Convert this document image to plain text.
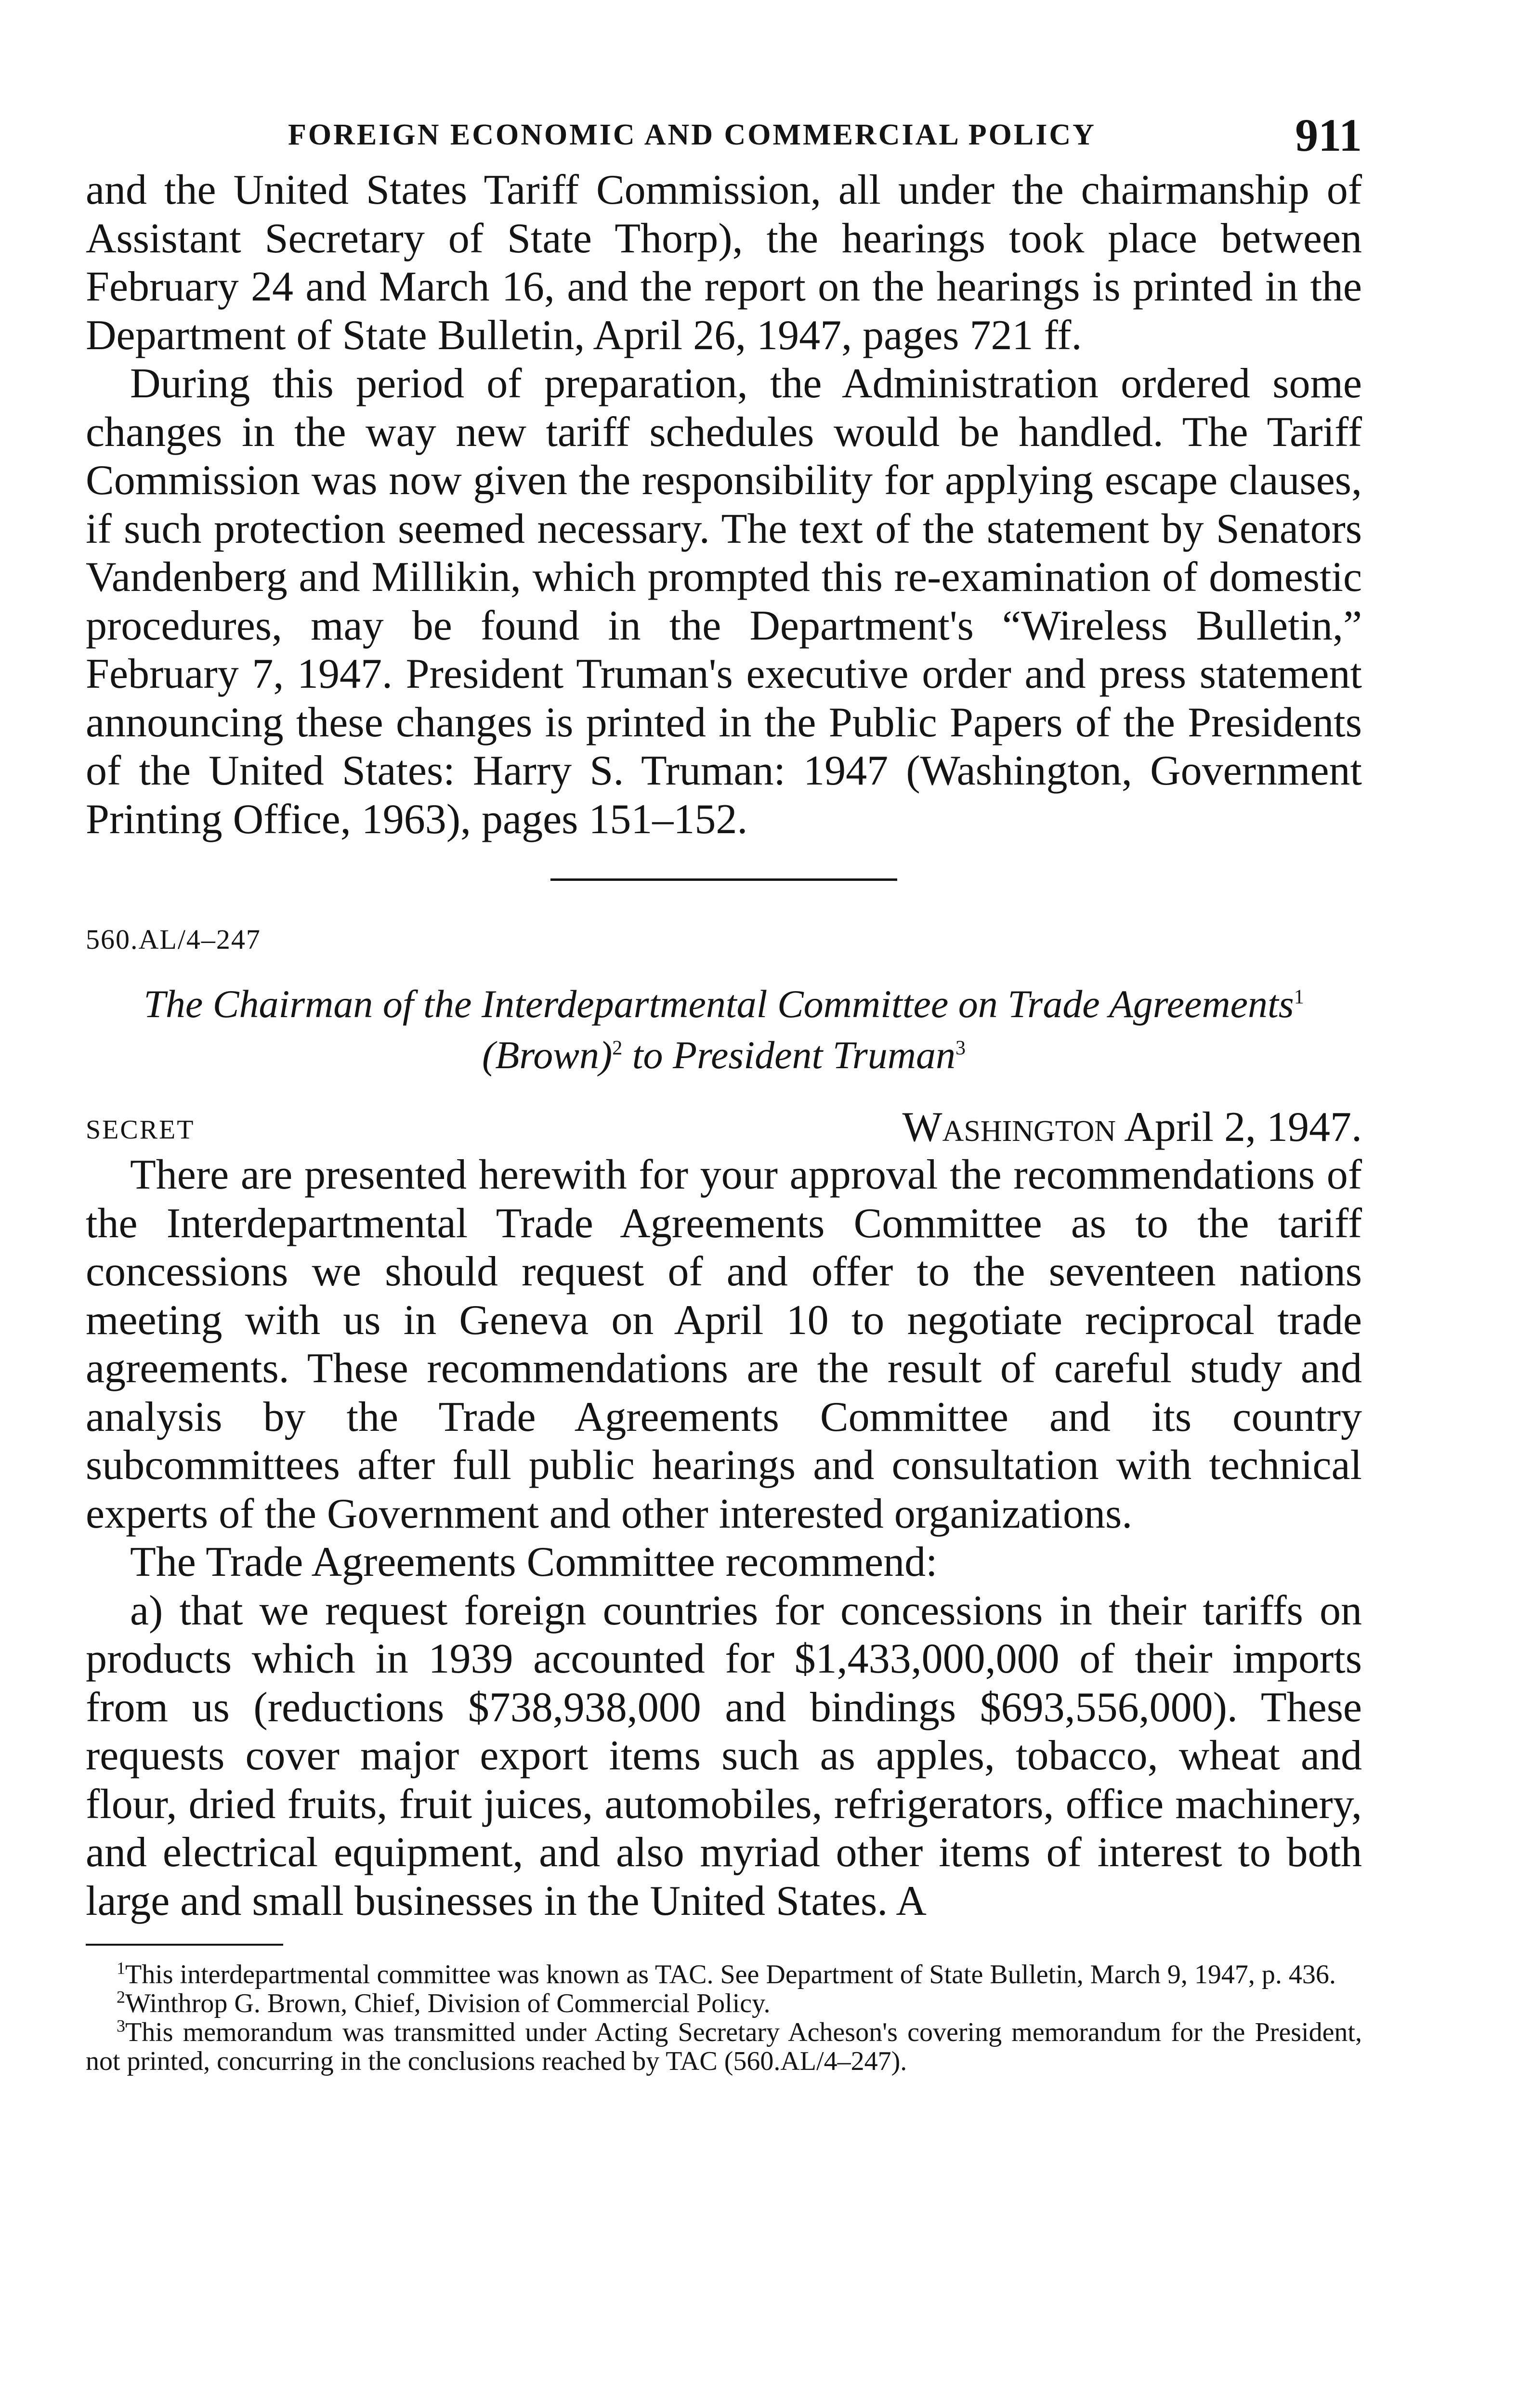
FOREIGN ECONOMIC AND COMMERCIAL POLICY	911

and the United States Tariff Commission, all under the chairmanship of Assistant Secretary of State Thorp), the hearings took place between February 24 and March 16, and the report on the hearings is printed in the Department of State Bulletin, April 26, 1947, pages 721 ff.

During this period of preparation, the Administration ordered some changes in the way new tariff schedules would be handled. The Tariff Commission was now given the responsibility for applying escape clauses, if such protection seemed necessary. The text of the statement by Senators Vandenberg and Millikin, which prompted this re-examination of domestic procedures, may be found in the Department's “Wireless Bulletin,” February 7, 1947. President Truman's executive order and press statement announcing these changes is printed in the Public Papers of the Presidents of the United States: Harry S. Truman: 1947 (Washington, Government Printing Office, 1963), pages 151–152.

560.AL/4–247
The Chairman of the Interdepartmental Committee on Trade Agreements$^1$ (Brown)$^2$ to President Truman$^3$
SECRET	Washington April 2, 1947.

There are presented herewith for your approval the recommendations of the Interdepartmental Trade Agreements Committee as to the tariff concessions we should request of and offer to the seventeen nations meeting with us in Geneva on April 10 to negotiate reciprocal trade agreements. These recommendations are the result of careful study and analysis by the Trade Agreements Committee and its country subcommittees after full public hearings and consultation with technical experts of the Government and other interested organizations.

The Trade Agreements Committee recommend:

a) that we request foreign countries for concessions in their tariffs on products which in 1939 accounted for $1,433,000,000 of their imports from us (reductions $738,938,000 and bindings $693,556,000). These requests cover major export items such as apples, tobacco, wheat and flour, dried fruits, fruit juices, automobiles, refrigerators, office machinery, and electrical equipment, and also myriad other items of interest to both large and small businesses in the United States. A

$^1$This interdepartmental committee was known as TAC. See Department of State Bulletin, March 9, 1947, p. 436.

$^2$Winthrop G. Brown, Chief, Division of Commercial Policy.

$^3$This memorandum was transmitted under Acting Secretary Acheson's covering memorandum for the President, not printed, concurring in the conclusions reached by TAC (560.AL/4–247).
